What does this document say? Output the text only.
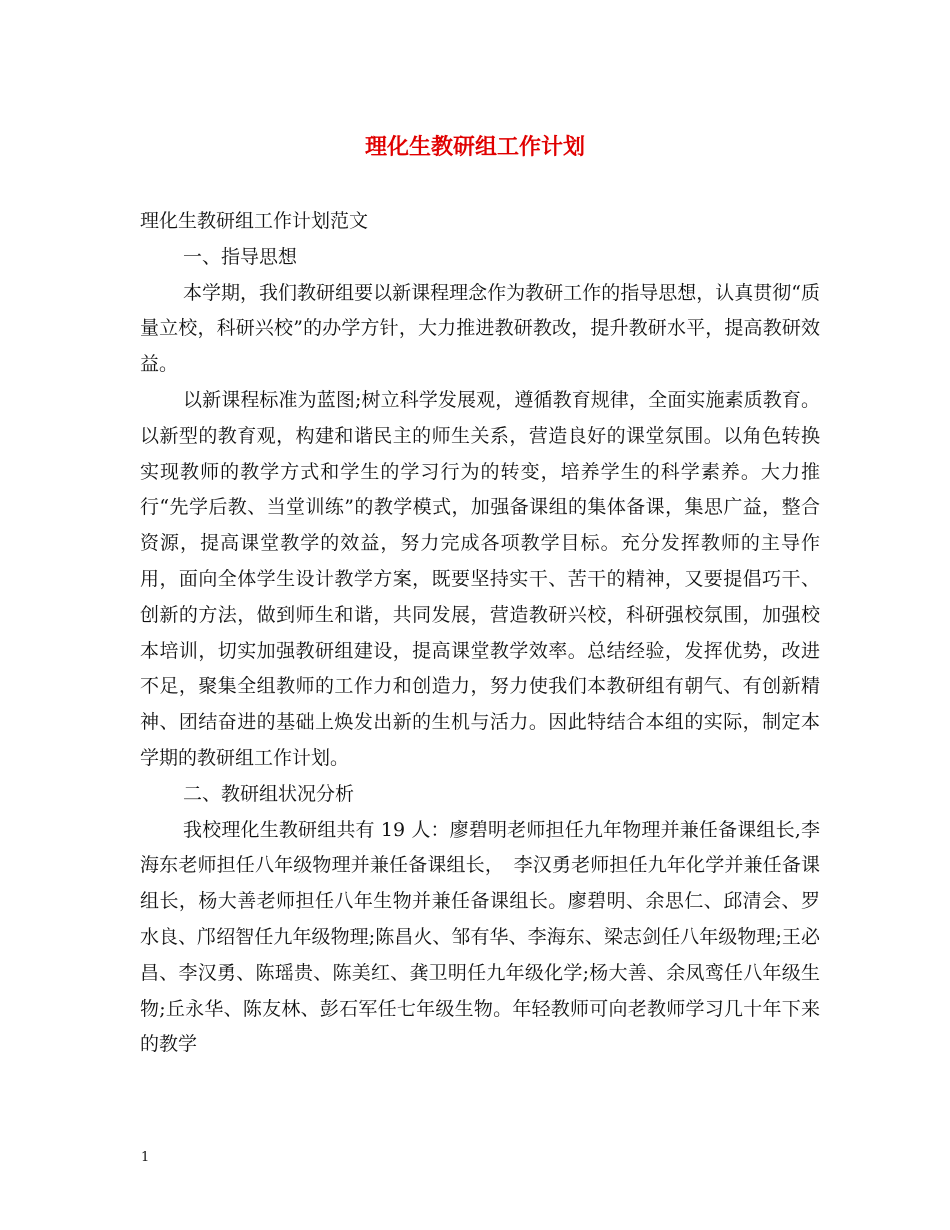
理化生教研组工作计划

理化生教研组工作计划范文

一、指导思想

本学期，我们教研组要以新课程理念作为教研工作的指导思想，认真贯彻“质量立校，科研兴校”的办学方针，大力推进教研教改，提升教研水平，提高教研效益。

以新课程标准为蓝图;树立科学发展观，遵循教育规律，全面实施素质教育。以新型的教育观，构建和谐民主的师生关系，营造良好的课堂氛围。以角色转换实现教师的教学方式和学生的学习行为的转变，培养学生的科学素养。大力推行“先学后教、当堂训练”的教学模式，加强备课组的集体备课，集思广益，整合资源，提高课堂教学的效益，努力完成各项教学目标。充分发挥教师的主导作用，面向全体学生设计教学方案，既要坚持实干、苦干的精神，又要提倡巧干、创新的方法，做到师生和谐，共同发展，营造教研兴校，科研强校氛围，加强校本培训，切实加强教研组建设，提高课堂教学效率。总结经验，发挥优势，改进不足，聚集全组教师的工作力和创造力，努力使我们本教研组有朝气、有创新精神、团结奋进的基础上焕发出新的生机与活力。因此特结合本组的实际，制定本学期的教研组工作计划。

二、教研组状况分析

我校理化生教研组共有 19 人：廖碧明老师担任九年物理并兼任备课组长,李海东老师担任八年级物理并兼任备课组长，　李汉勇老师担任九年化学并兼任备课组长，杨大善老师担任八年生物并兼任备课组长。廖碧明、余思仁、邱清会、罗水良、邝绍智任九年级物理;陈昌火、邹有华、李海东、梁志剑任八年级物理;王必昌、李汉勇、陈瑶贵、陈美红、龚卫明任九年级化学;杨大善、余凤鸾任八年级生物;丘永华、陈友林、彭石军任七年级生物。年轻教师可向老教师学习几十年下来的教学

1
